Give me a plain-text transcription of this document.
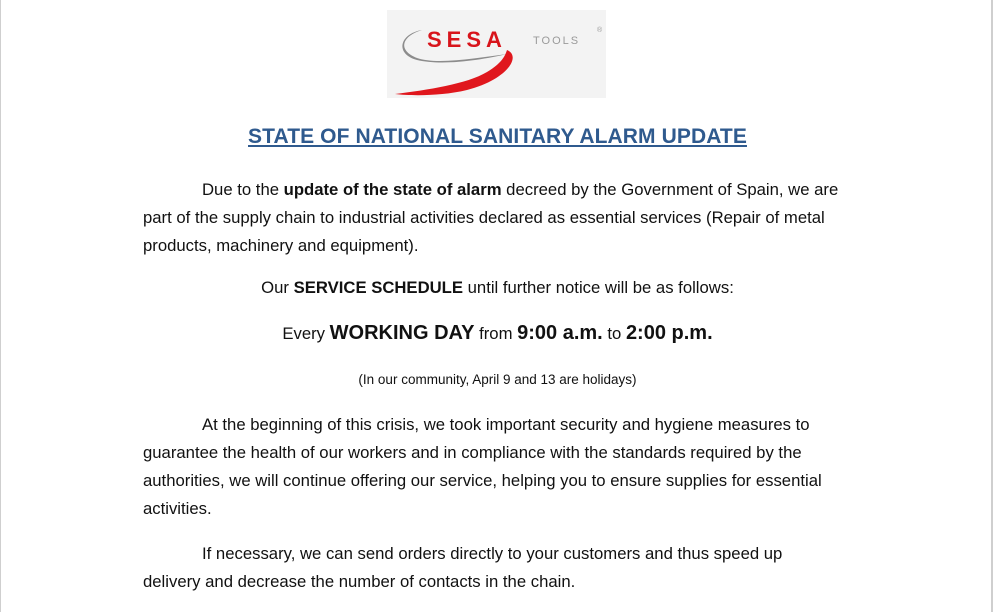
SESA TOOLS
®
STATE OF NATIONAL SANITARY ALARM UPDATE
Due to the update of the state of alarm decreed by the Government of Spain, we are part of the supply chain to industrial activities declared as essential services (Repair of metal products, machinery and equipment).
Our SERVICE SCHEDULE until further notice will be as follows:
Every WORKING DAY from 9:00 a.m. to 2:00 p.m.
(In our community, April 9 and 13 are holidays)
At the beginning of this crisis, we took important security and hygiene measures to guarantee the health of our workers and in compliance with the standards required by the authorities, we will continue offering our service, helping you to ensure supplies for essential activities.
If necessary, we can send orders directly to your customers and thus speed up delivery and decrease the number of contacts in the chain.
